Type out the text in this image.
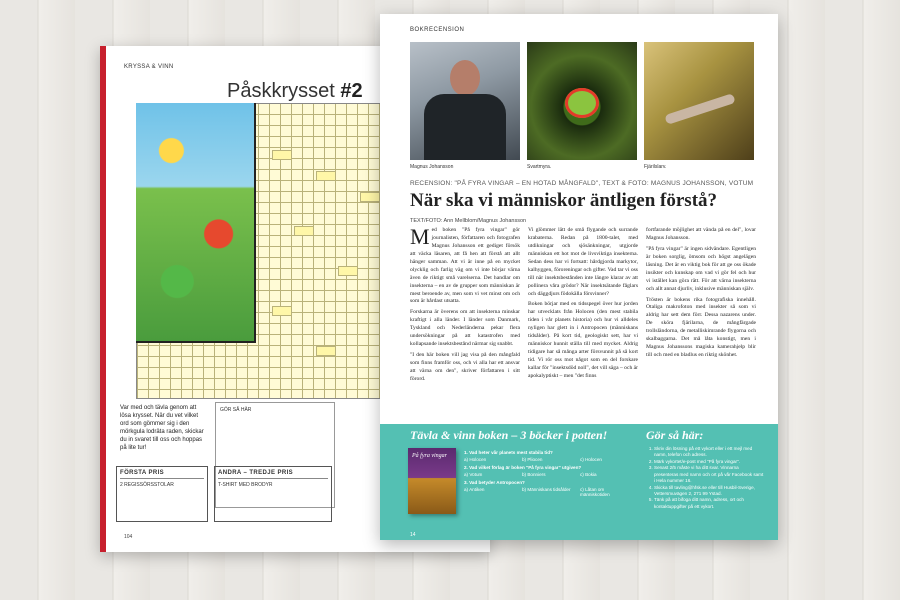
KRYSSA & VINN
Påskkrysset #2
Var med och tävla genom att lösa krysset. När du vet vilket ord som gömmer sig i den mörkgula lodräta raden, skickar du in svaret till oss och hoppas på lite tur!
GÖR SÅ HÄR
FÖRSTA PRIS
2 REGISSÖRSSTOLAR
ANDRA – TREDJE PRIS
T-SHIRT MED BRODYR
104
BOKRECENSION
Magnus Johansson	Svartmyra.	Fjärilslarv.
RECENSION: "PÅ FYRA VINGAR – EN HOTAD MÅNGFALD", TEXT & FOTO: MAGNUS JOHANSSON, VOTUM
När ska vi människor äntligen förstå?
TEXT/FOTO: Ann Mellblom/Magnus Johansson

Med boken "På fyra vingar" gör journalisten, författaren och fotografen Magnus Johansson ett gediget försök att väcka läsaren, att få hen att förstå att allt hänger samman. Att vi är inne på en mycket olycklig och farlig väg om vi inte börjar värna även de riktigt små varelserna. Det handlar om insekterna – en av de grupper som människan är mest beroende av, men som vi vet minst om och som är hårdast utsatta.

Forskarna är överens om att insekterna minskar kraftigt i alla länder. I länder som Danmark, Tyskland och Nederländerna pekar flera undersökningar på att katastrofen med kollapsande insektsbestånd närmar sig snabbt.

"I den här boken vill jag visa på den mångfald som finns framför oss, och vi alla har ett ansvar att värna om den", skriver författaren i sitt förord.

Vi glömmer lätt de små flygande och surrande krabaterna. Redan på 1800-talet, med utdikningar och sjösänkningar, utgjorde människan ett hot mot de livsviktiga insekterna. Sedan dess har vi fortsatt: hårdgjorda markytor, kalhyggen, föroreningar och gifter. Vad tar vi oss till när insektsbestånden inte längre klarar av att pollinera våra grödor? När insektsätande fåglars och däggdjurs födokälla försvinner?

Boken börjar med en tidsspegel över hur jorden har utvecklats från Holocen (den mest stabila tiden i vår planets historia) och hur vi alldeles nyligen har glett in i Antropocen (människans tidsålder). På kort tid, geologiskt sett, har vi människor hunnit ställa till med mycket. Aldrig tidigare har så många arter försvunnit på så kort tid. Vi rör oss mot något som en del forskare kallar för "insektsdöd noll", det vill säga – och är apokalyptiskt – men "det finns

fortfarande möjlighet att vända på en del", lovar Magnus Johansson.

"På fyra vingar" är ingen sidvändare. Egentligen är boken sorglig, ömsom och högst angelägen läsning. Det är en viktig bok för att ge oss ökade insikter och kunskap om vad vi gör fel och hur vi istället kan göra rätt. För att värna insekterna och allt annat djurliv, inklusive människan själv.

Trösten är bokens rika fotografiska innehåll. Otaliga makrofoton med insekter så som vi aldrig har sett dem förr. Dessa nazarens under. De sköra fjärilarna, de mångfärgade trollsländorna, de metalliskimrande flygorna och skalbaggarna. Det må låta konstigt, men i Magnus Johanssons magiska kamerahjelp blir till och med en bladlus en riktig skönhet.

Tävla & vinn boken – 3 böcker i potten!
På fyra vingar
1. Vad heter vår planets mest stabila tid?
a) Holocen	b) Pliocen	c) Holocen
2. Vad vilket förlag är boken "På fyra vingar" utgiven?
a) Votum	b) Bonniers	c) Bokia
3. Vad betyder Antropocen?
a) Antiken	b) Människans tidsålder	c) Låtan om människotiden
Gör så här:
1. Skriv din lösning på ett vykort eller i ett mejl med namn, telefon och adress.
2. Märk vykortet/e-post med "På fyra vingar".
3. Senast 2/5 måste vi ha ditt svar. Vinnarna presenteras med namn och ort på vår Facebook samt i Hela nummer 16.
4. Skicka till tavling@hfsk.se eller till Husbil-Sverige, Vettersmuvägen 2, 271 99 Ystad.
5. Tänk på att bifoga ditt namn, adress, ort och kontaktuppgifter på ett vykort.
14
